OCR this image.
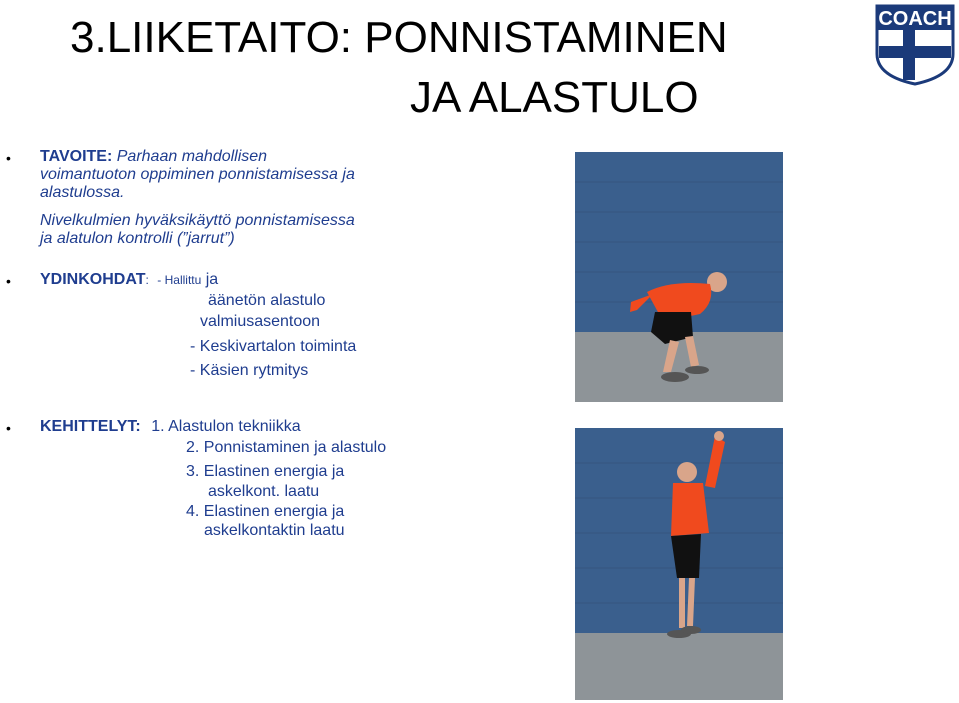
3.LIIKETAITO: PONNISTAMINEN
JA ALASTULO
COACH
• TAVOITE: Parhaan mahdollisen
voimantuoton oppiminen ponnistamisessa ja
alastulossa.
Nivelkulmien hyväksikäyttö ponnistamisessa
ja alatulon kontrolli (”jarrut”)
• YDINKOHDAT: - Hallittu ja
äänetön alastulo
valmiusasentoon
- Keskivartalon toiminta
- Käsien rytmitys
• KEHITTELYT: 1. Alastulon tekniikka
2. Ponnistaminen ja alastulo
3. Elastinen energia ja
askelkont. laatu
4. Elastinen energia ja
askelkontaktin laatu
